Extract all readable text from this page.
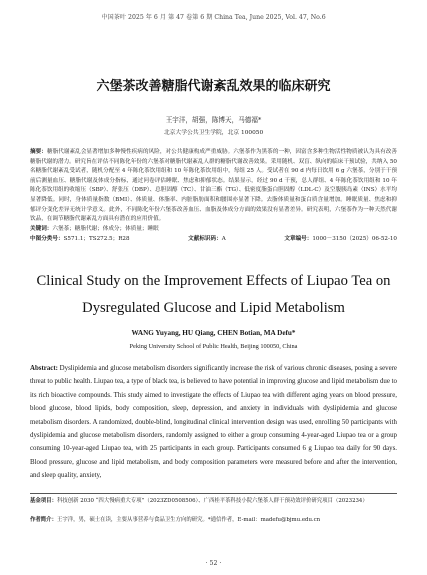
中国茶叶 2025 年 6 月 第 47 卷第 6 期 China Tea, June 2025, Vol. 47, No.6
六堡茶改善糖脂代谢紊乱效果的临床研究
王宇洋，胡强，陈博天，马德福*
北京大学公共卫生学院，北京 100050

摘要：糖脂代谢紊乱会显著增加多种慢性疾病的风险，对公共健康构成严重威胁。六堡茶作为黑茶的一种，因富含多种生物活性物质被认为具有改善糖脂代谢的潜力。研究旨在评估不同陈化年份的六堡茶对糖脂代谢紊乱人群的糖脂代谢改善效果。采用随机、双盲、纵向的临床干预试验，共纳入 50 名糖脂代谢紊乱受试者，随机分配至 4 年陈化茶饮用组和 10 年陈化茶饮用组中，每组 25 人。受试者在 90 d 内每日饮用 6 g 六堡茶，分别于干预前后测量血压、糖脂代谢及体成分指标，通过问卷评估睡眠、焦虑和抑郁状态。结果显示，经过 90 d 干预，总人群组、4 年陈化茶饮用组和 10 年陈化茶饮用组的收缩压（SBP）、舒张压（DBP）、总胆固醇（TC）、甘油三酯（TG）、低密度脂蛋白胆固醇（LDL-C）及空腹胰岛素（INS）水平均显著降低。同时，身体质量指数（BMI）、体质量、体脂率、内脏脂肪面积和腰围亦显著下降。去脂体质量和蛋白质含量增加。睡眠质量、焦虑和抑郁评分变化差异无统计学意义。此外，不同陈化年份六堡茶改善血压、血脂及体成分方面的效果没有显著差异。研究表明，六堡茶作为一种天然代谢饮品，在调节糖脂代谢紊乱方面具有潜在的应用价值。

关键词：六堡茶；糖脂代谢；体成分；体质量；睡眠

中图分类号：S571.1；TS272.5；R28	文献标识码：A	文章编号：1000－3150（2025）06-52-10
Clinical Study on the Improvement Effects of Liupao Tea on
Dysregulated Glucose and Lipid Metabolism
WANG Yuyang, HU Qiang, CHEN Botian, MA Defu*
Peking University School of Public Health, Beijing 100050, China

Abstract: Dyslipidemia and glucose metabolism disorders significantly increase the risk of various chronic diseases, posing a severe threat to public health. Liupao tea, a type of black tea, is believed to have potential in improving glucose and lipid metabolism due to its rich bioactive compounds. This study aimed to investigate the effects of Liupao tea with different aging years on blood pressure, blood glucose, blood lipids, body composition, sleep, depression, and anxiety in individuals with dyslipidemia and glucose metabolism disorders. A randomized, double-blind, longitudinal clinical intervention design was used, enrolling 50 participants with dyslipidemia and glucose metabolism disorders, randomly assigned to either a group consuming 4-year-aged Liupao tea or a group consuming 10-year-aged Liupao tea, with 25 participants in each group. Participants consumed 6 g Liupao tea daily for 90 days. Blood pressure, glucose and lipid metabolism, and body composition parameters were measured before and after the intervention, and sleep quality, anxiety,

基金项目：科技创新 2030 “四大慢病重大专项”（2023ZD0508506）、广西桂平茶科技小院六堡茶人群干预功效评价研究项目（2023234）

作者简介：王宇洋，男，硕士在读，主要从事营养与食品卫生方向的研究。*通信作者，E-mail：madefu@bjmu.edu.cn

· 52 ·
